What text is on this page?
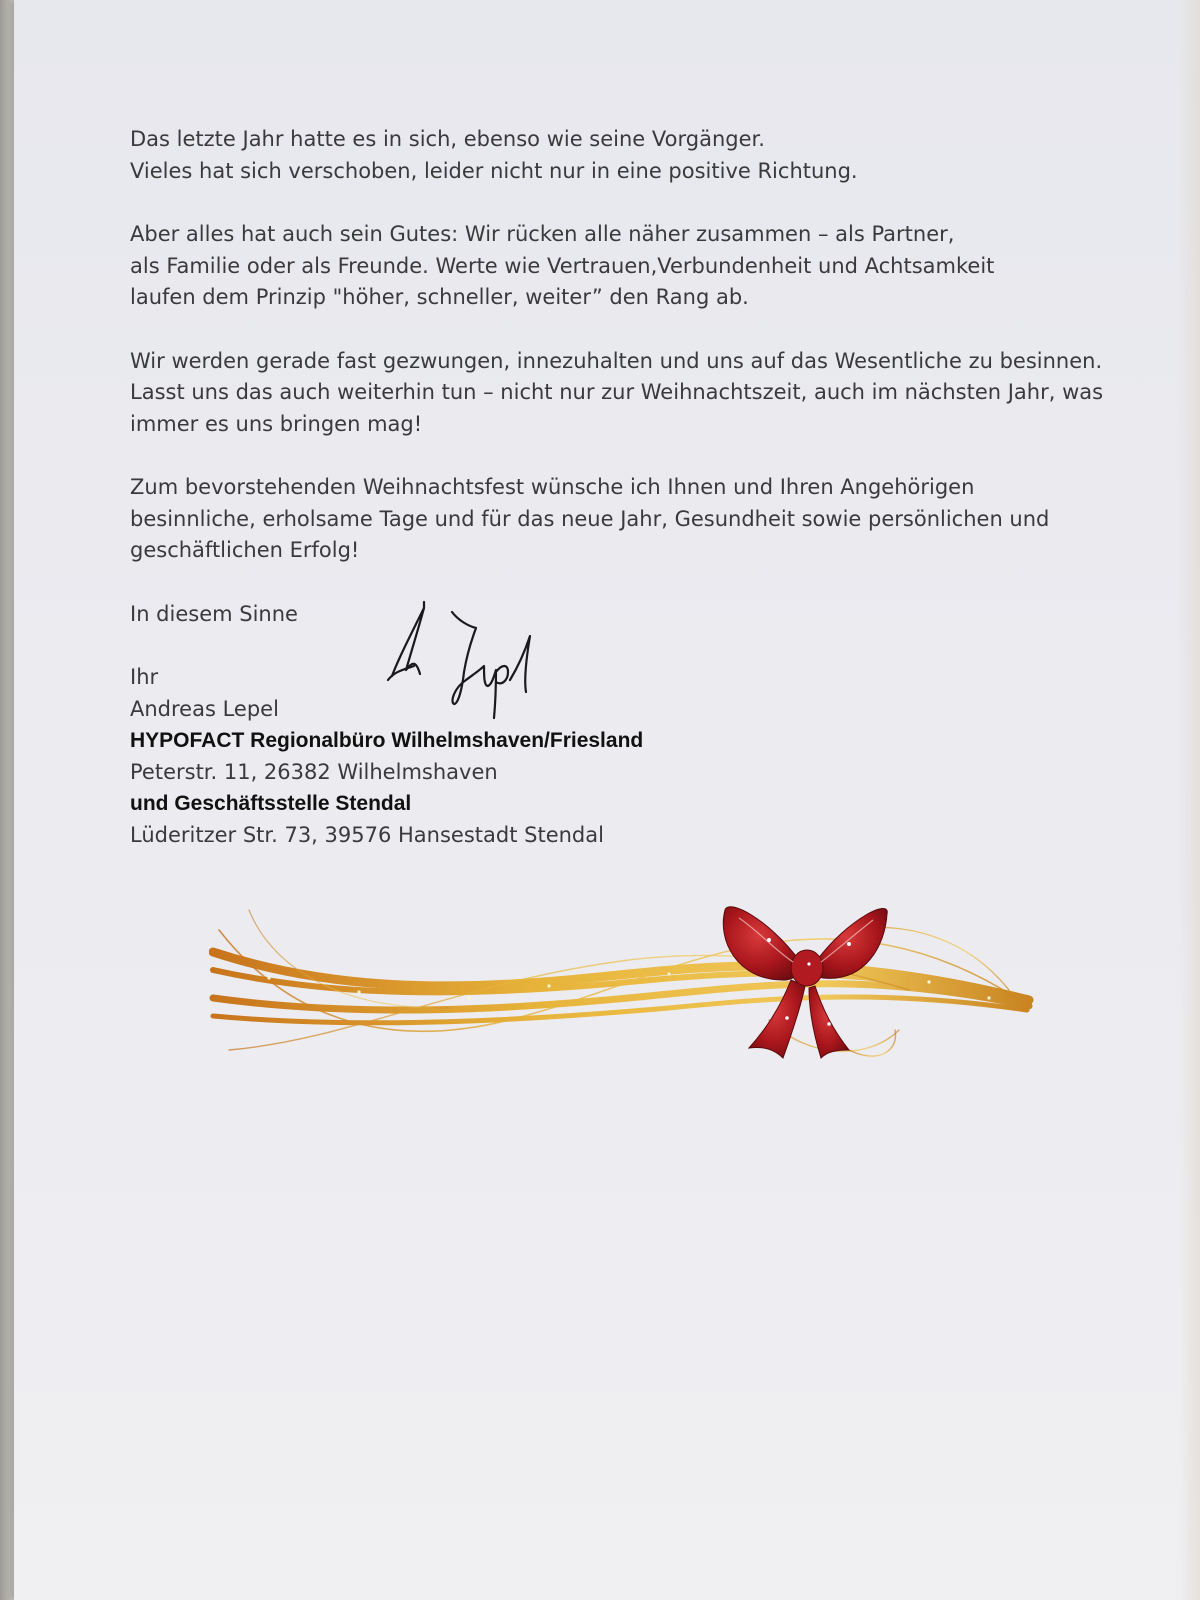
Das letzte Jahr hatte es in sich, ebenso wie seine Vorgänger.
Vieles hat sich verschoben, leider nicht nur in eine positive Richtung.

Aber alles hat auch sein Gutes: Wir rücken alle näher zusammen – als Partner,
als Familie oder als Freunde. Werte wie Vertrauen,Verbundenheit und Achtsamkeit
laufen dem Prinzip "höher, schneller, weiter” den Rang ab.

Wir werden gerade fast gezwungen, innezuhalten und uns auf das Wesentliche zu besinnen.
Lasst uns das auch weiterhin tun – nicht nur zur Weihnachtszeit, auch im nächsten Jahr, was
immer es uns bringen mag!

Zum bevorstehenden Weihnachtsfest wünsche ich Ihnen und Ihren Angehörigen
besinnliche, erholsame Tage und für das neue Jahr, Gesundheit sowie persönlichen und
geschäftlichen Erfolg!

In diesem Sinne

Ihr
Andreas Lepel
HYPOFACT Regionalbüro Wilhelmshaven/Friesland
Peterstr. 11, 26382 Wilhelmshaven
und Geschäftsstelle Stendal
Lüderitzer Str. 73, 39576 Hansestadt Stendal
